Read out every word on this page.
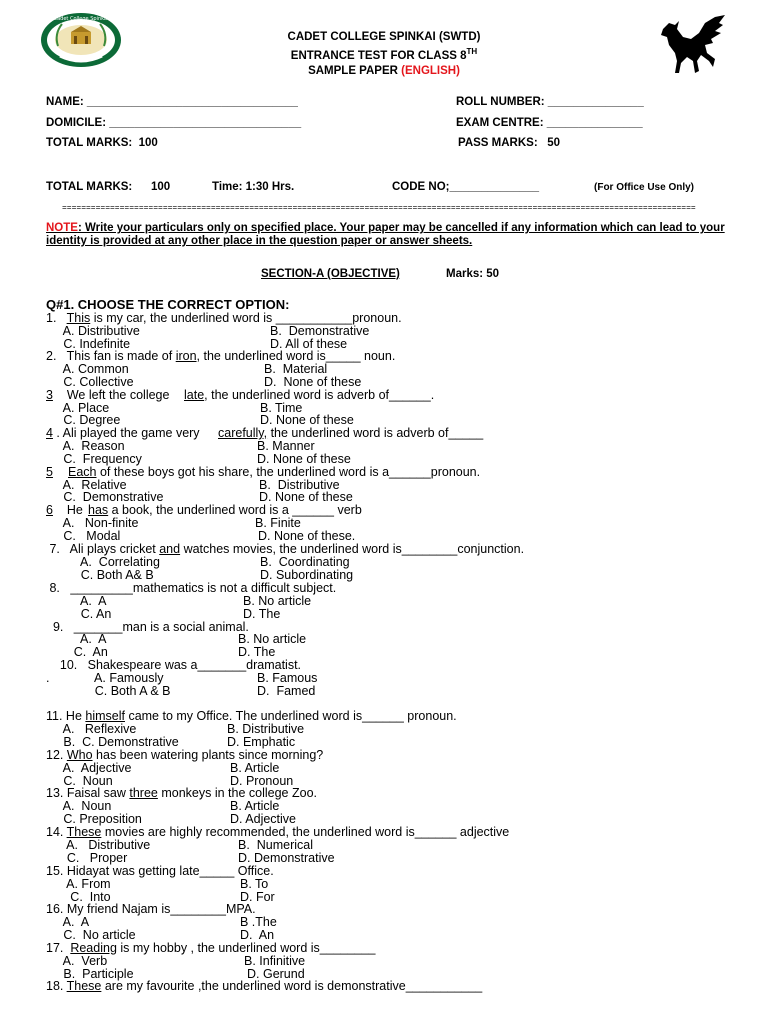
Cadet College Spinkai
CADET COLLEGE SPINKAI (SWTD)
ENTRANCE TEST FOR CLASS 8TH
SAMPLE PAPER (ENGLISH)
NAME: _________________________________	ROLL NUMBER: _______________
DOMICILE: ______________________________	EXAM CENTRE: _______________
TOTAL MARKS:  100	PASS MARKS:   50
TOTAL MARKS: 100	Time: 1:30 Hrs.	CODE NO;______________	(For Office Use Only)
====================================================================================================================================
NOTE: Write your particulars only on specified place. Your paper may be cancelled if any information which can lead to your identity is provided at any other place in the question paper or answer sheets.
SECTION-A (OBJECTIVE)	Marks: 50
Q#1. CHOOSE THE CORRECT OPTION:
1.   This is my car, the underlined word is ___________pronoun.
A. Distributive	B.  Demonstrative
C. Indefinite	D. All of these
2.   This fan is made of iron, the underlined word is_____ noun.
A. Common	B.  Material
C. Collective	D.  None of these
3    We left the college late, the underlined word is adverb of______.
A. Place	B. Time
C. Degree	D. None of these
4 . Ali played the game very carefully, the underlined word is adverb of_____
A.  Reason	B. Manner
C.  Frequency	D. None of these
5	Each of these boys got his share, the underlined word is a______pronoun.
A.  Relative	B.  Distributive
C.  Demonstrative	D. None of these
6    He has a book, the underlined word is a ______ verb
A.   Non-finite	B. Finite
C.   Modal	D. None of these.
7.   Ali plays cricket and watches movies, the underlined word is________conjunction.
A.  Correlating	B.  Coordinating
C. Both A& B	D. Subordinating
8.   _________mathematics is not a difficult subject.
A.  A	B. No article
C. An	D. The
9.   _______man is a social animal.
A.  A	B. No article
C.  An	D. The
10.   Shakespeare was a_______dramatist.
. A. Famously	B. Famous
C. Both A & B	D.  Famed
11. He himself came to my Office. The underlined word is______ pronoun.
A.   Reflexive	B. Distributive
B.  C. Demonstrative	D. Emphatic
12. Who has been watering plants since morning?
A.  Adjective	B. Article
C.  Noun	D. Pronoun
13. Faisal saw three monkeys in the college Zoo.
A.  Noun	B. Article
C. Preposition	D. Adjective
14. These movies are highly recommended, the underlined word is______ adjective
A.   Distributive	B.  Numerical
C.   Proper	D. Demonstrative
15. Hidayat was getting late_____ Office.
A. From	B. To
C.  Into	D. For
16. My friend Najam is________MPA.
A.  A	B .The
C.  No article	D.  An
17.  Reading is my hobby , the underlined word is________
A.  Verb	B. Infinitive
B.  Participle	D. Gerund
18. These are my favourite ,the underlined word is demonstrative___________
